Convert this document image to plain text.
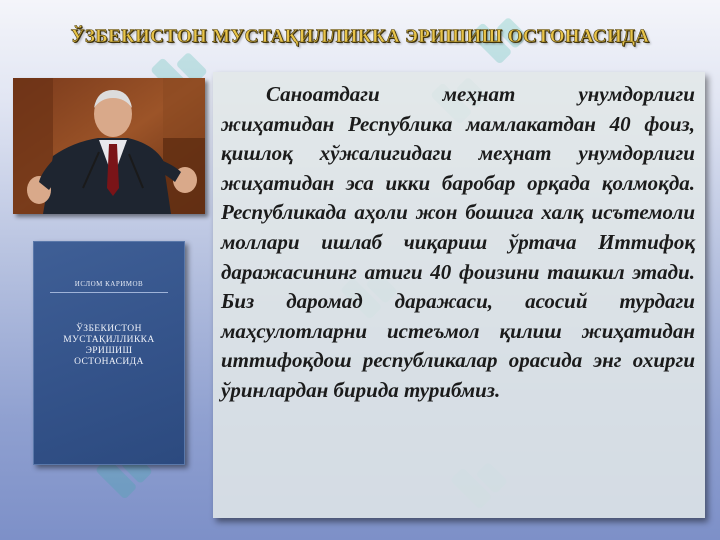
ЎЗБЕКИСТОН МУСТАҚИЛЛИККА ЭРИШИШ ОСТОНАСИДА
ИСЛОМ КАРИМОВ
ЎЗБЕКИСТОН
МУСТАҚИЛЛИККА
ЭРИШИШ
ОСТОНАСИДА

Саноатдаги меҳнат унумдорлиги жиҳатидан Республика мамлакатдан 40 фоиз, қишлоқ хўжалигидаги меҳнат унумдорлиги жиҳатидан эса икки баробар орқада қолмоқда. Республикада аҳоли жон бошига халқ исътемоли моллари ишлаб чиқариш ўртача Иттифоқ даражасининг атиги 40 фоизини ташкил этади. Биз даромад даражаси, асосий турдаги маҳсулотларни истеъмол қилиш жиҳатидан иттифоқдош республикалар орасида энг охирги ўринлардан бирида турибмиз.
